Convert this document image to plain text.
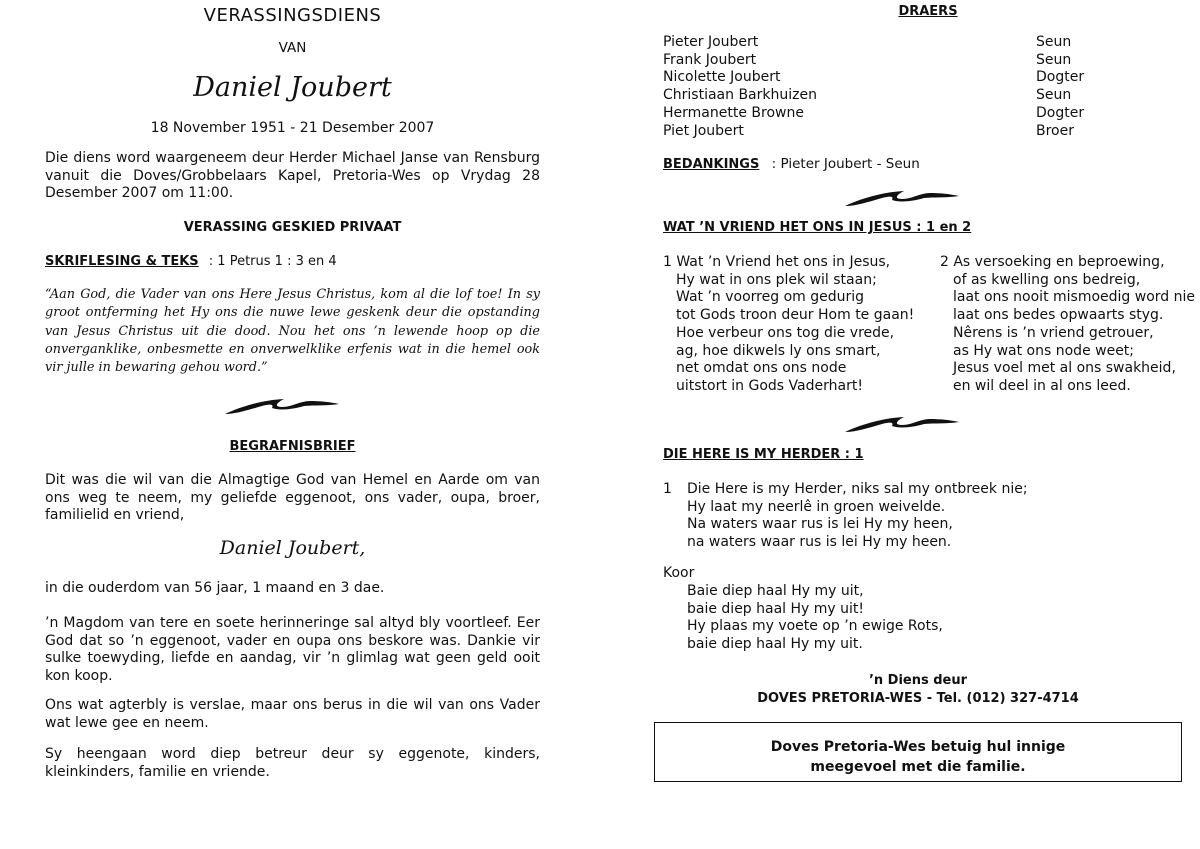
VERASSINGSDIENS
VAN
Daniel Joubert
18 November 1951 - 21 Desember 2007
Die diens word waargeneem deur Herder Michael Janse van Rensburg vanuit die Doves/Grobbelaars Kapel, Pretoria-Wes op Vrydag 28 Desember 2007 om 11:00.
VERASSING GESKIED PRIVAAT
SKRIFLESING & TEKS : 1 Petrus 1 : 3 en 4
“Aan God, die Vader van ons Here Jesus Christus, kom al die lof toe! In sy groot ontferming het Hy ons die nuwe lewe geskenk deur die opstanding van Jesus Christus uit die dood. Nou het ons ’n lewende hoop op die onverganklike, onbesmette en onverwelklike erfenis wat in die hemel ook vir julle in bewaring gehou word.”
BEGRAFNISBRIEF
Dit was die wil van die Almagtige God van Hemel en Aarde om van ons weg te neem, my geliefde eggenoot, ons vader, oupa, broer, familielid en vriend,
Daniel Joubert,
in die ouderdom van 56 jaar, 1 maand en 3 dae.
’n Magdom van tere en soete herinneringe sal altyd bly voortleef. Eer God dat so ’n eggenoot, vader en oupa ons beskore was. Dankie vir sulke toewyding, liefde en aandag, vir ’n glimlag wat geen geld ooit kon koop.
Ons wat agterbly is verslae, maar ons berus in die wil van ons Vader wat lewe gee en neem.
Sy heengaan word diep betreur deur sy eggenote, kinders, kleinkinders, familie en vriende.
DRAERS
Pieter Joubert
Frank Joubert
Nicolette Joubert
Christiaan Barkhuizen
Hermanette Browne
Piet Joubert
Seun
Seun
Dogter
Seun
Dogter
Broer
BEDANKINGS : Pieter Joubert - Seun
WAT ’N VRIEND HET ONS IN JESUS : 1 en 2
1 Wat ’n Vriend het ons in Jesus,
Hy wat in ons plek wil staan;
Wat ’n voorreg om gedurig
tot Gods troon deur Hom te gaan!
Hoe verbeur ons tog die vrede,
ag, hoe dikwels ly ons smart,
net omdat ons ons node
uitstort in Gods Vaderhart!
2 As versoeking en beproewing,
of as kwelling ons bedreig,
laat ons nooit mismoedig word nie
laat ons bedes opwaarts styg.
Nêrens is ’n vriend getrouer,
as Hy wat ons node weet;
Jesus voel met al ons swakheid,
en wil deel in al ons leed.
DIE HERE IS MY HERDER : 1
1 Die Here is my Herder, niks sal my ontbreek nie;
Hy laat my neerlê in groen weivelde.
Na waters waar rus is lei Hy my heen,
na waters waar rus is lei Hy my heen.
Koor
Baie diep haal Hy my uit,
baie diep haal Hy my uit!
Hy plaas my voete op ’n ewige Rots,
baie diep haal Hy my uit.
’n Diens deur
DOVES PRETORIA-WES - Tel. (012) 327-4714
Doves Pretoria-Wes betuig hul innige
meegevoel met die familie.
